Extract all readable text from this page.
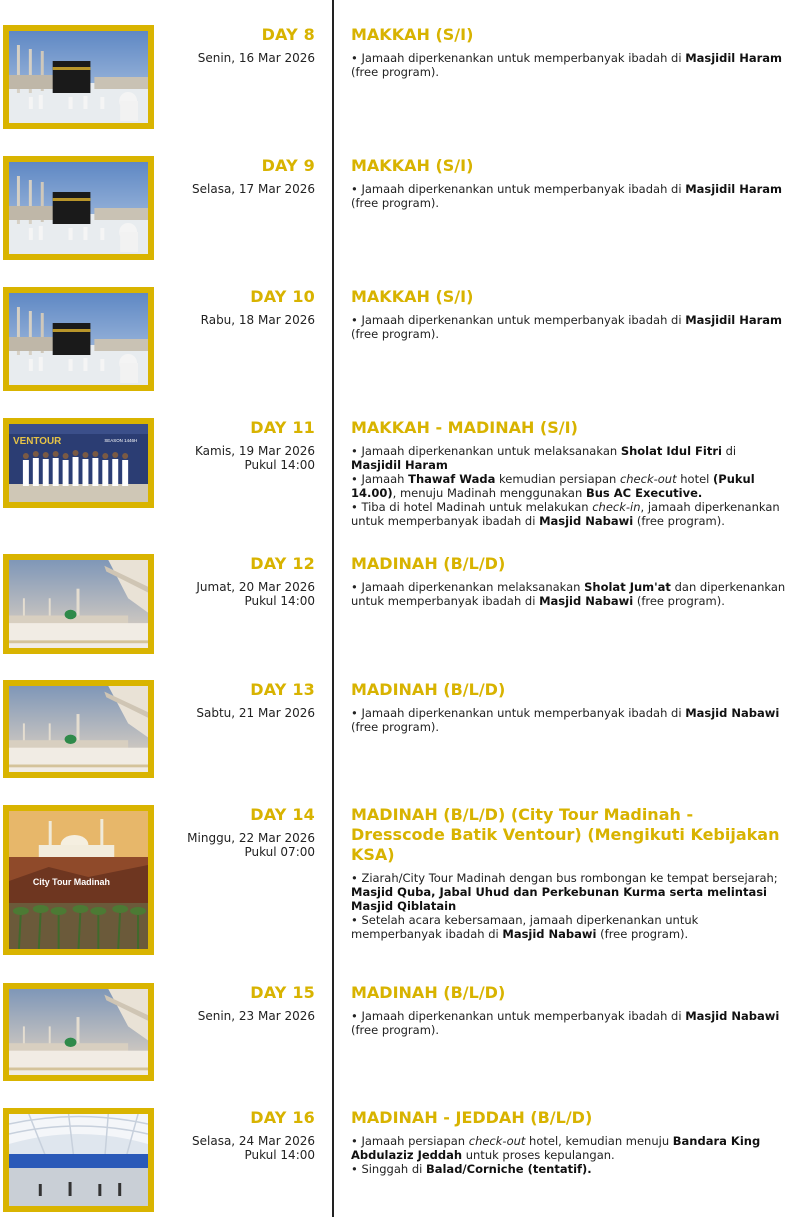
DAY 8
Senin, 16 Mar 2026
MAKKAH (S/I)

• Jamaah diperkenankan untuk memperbanyak ibadah di Masjidil Haram (free program).

DAY 9
Selasa, 17 Mar 2026
MAKKAH (S/I)

• Jamaah diperkenankan untuk memperbanyak ibadah di Masjidil Haram (free program).

DAY 10
Rabu, 18 Mar 2026
MAKKAH (S/I)

• Jamaah diperkenankan untuk memperbanyak ibadah di Masjidil Haram (free program).

VENTOUR	SEASON 1446H
DAY 11
Kamis, 19 Mar 2026
Pukul 14:00
MAKKAH - MADINAH (S/I)

• Jamaah diperkenankan untuk melaksanakan Sholat Idul Fitri di Masjidil Haram

• Jamaah Thawaf Wada kemudian persiapan check-out hotel (Pukul 14.00), menuju Madinah menggunakan Bus AC Executive.

• Tiba di hotel Madinah untuk melakukan check-in, jamaah diperkenankan untuk memperbanyak ibadah di Masjid Nabawi (free program).

DAY 12
Jumat, 20 Mar 2026
Pukul 14:00
MADINAH (B/L/D)

• Jamaah diperkenankan melaksanakan Sholat Jum'at dan diperkenankan untuk memperbanyak ibadah di Masjid Nabawi (free program).

DAY 13
Sabtu, 21 Mar 2026
MADINAH (B/L/D)

• Jamaah diperkenankan untuk memperbanyak ibadah di Masjid Nabawi (free program).

City Tour Madinah
DAY 14
Minggu, 22 Mar 2026
Pukul 07:00
MADINAH (B/L/D) (City Tour Madinah - Dresscode Batik Ventour) (Mengikuti Kebijakan KSA)

• Ziarah/City Tour Madinah dengan bus rombongan ke tempat bersejarah; Masjid Quba, Jabal Uhud dan Perkebunan Kurma serta melintasi Masjid Qiblatain

• Setelah acara kebersamaan, jamaah diperkenankan untuk memperbanyak ibadah di Masjid Nabawi (free program).

DAY 15
Senin, 23 Mar 2026
MADINAH (B/L/D)

• Jamaah diperkenankan untuk memperbanyak ibadah di Masjid Nabawi (free program).

DAY 16
Selasa, 24 Mar 2026
Pukul 14:00
MADINAH - JEDDAH (B/L/D)

• Jamaah persiapan check-out hotel, kemudian menuju Bandara King Abdulaziz Jeddah untuk proses kepulangan.

• Singgah di Balad/Corniche (tentatif).
